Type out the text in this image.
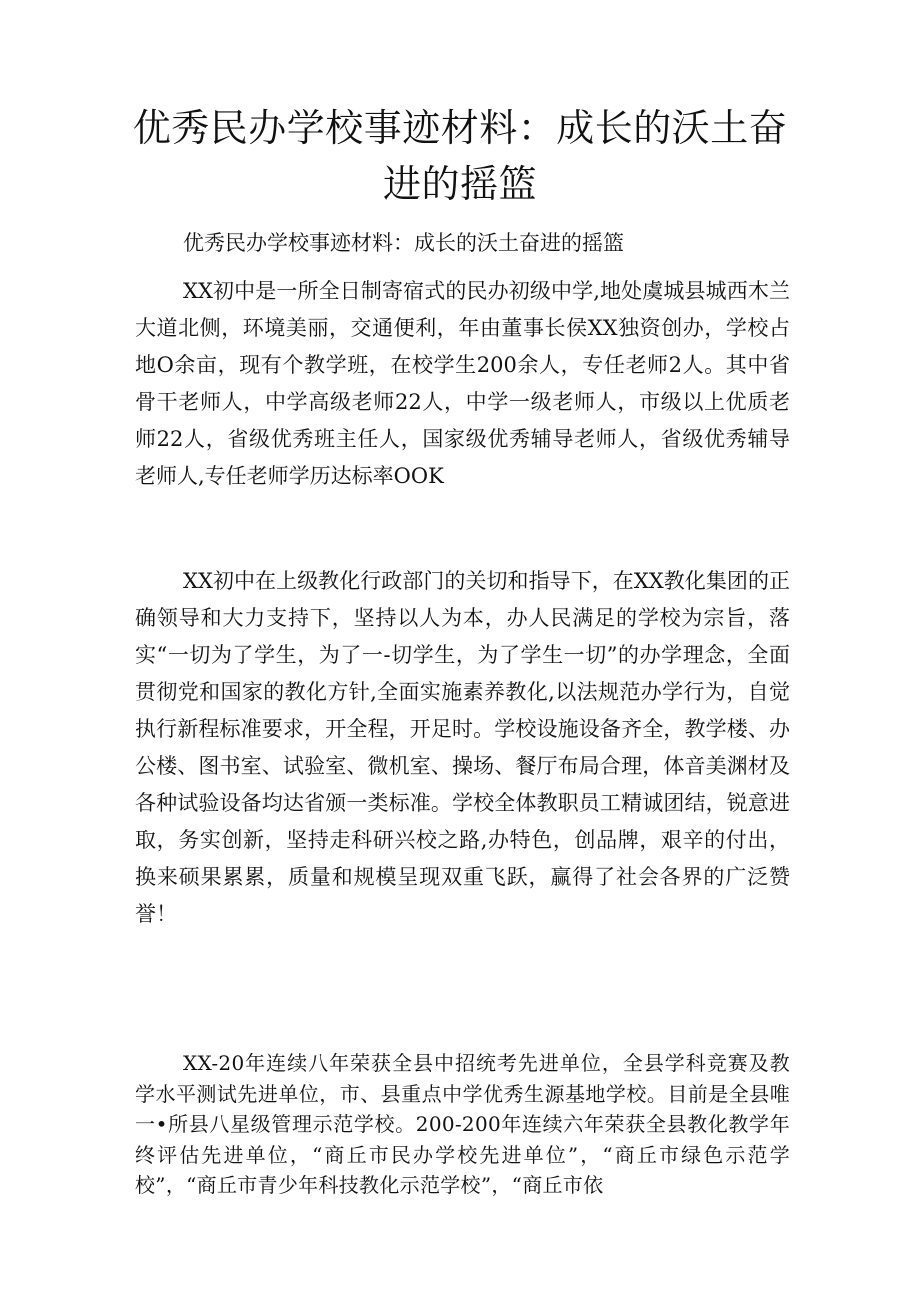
优秀民办学校事迹材料：成长的沃土奋进的摇篮

优秀民办学校事迹材料：成长的沃土奋进的摇篮

XX初中是一所全日制寄宿式的民办初级中学,地处虞城县城西木兰大道北侧，环境美丽，交通便利，年由董事长侯XX独资创办，学校占地O余亩，现有个教学班，在校学生200余人，专任老师2人。其中省骨干老师人，中学高级老师22人，中学一级老师人，市级以上优质老师22人，省级优秀班主任人，国家级优秀辅导老师人，省级优秀辅导老师人,专任老师学历达标率OOK

XX初中在上级教化行政部门的关切和指导下，在XX教化集团的正确领导和大力支持下，坚持以人为本，办人民满足的学校为宗旨，落实“一切为了学生，为了一-切学生，为了学生一切”的办学理念，全面贯彻党和国家的教化方针,全面实施素养教化,以法规范办学行为，自觉执行新程标准要求，开全程，开足时。学校设施设备齐全，教学楼、办公楼、图书室、试验室、微机室、操场、餐厅布局合理，体音美渊材及各种试验设备均达省颁一类标准。学校全体教职员工精诚团结，锐意进取，务实创新，坚持走科研兴校之路,办特色，创品牌，艰辛的付出，换来硕果累累，质量和规模呈现双重飞跃，赢得了社会各界的广泛赞誉！

XX-20年连续八年荣获全县中招统考先进单位，全县学科竞赛及教学水平测试先进单位，市、县重点中学优秀生源基地学校。目前是全县唯一•所县八星级管理示范学校。200-200年连续六年荣获全县教化教学年终评估先进单位，“商丘市民办学校先进单位”，“商丘市绿色示范学校”，“商丘市青少年科技教化示范学校”，“商丘市依
